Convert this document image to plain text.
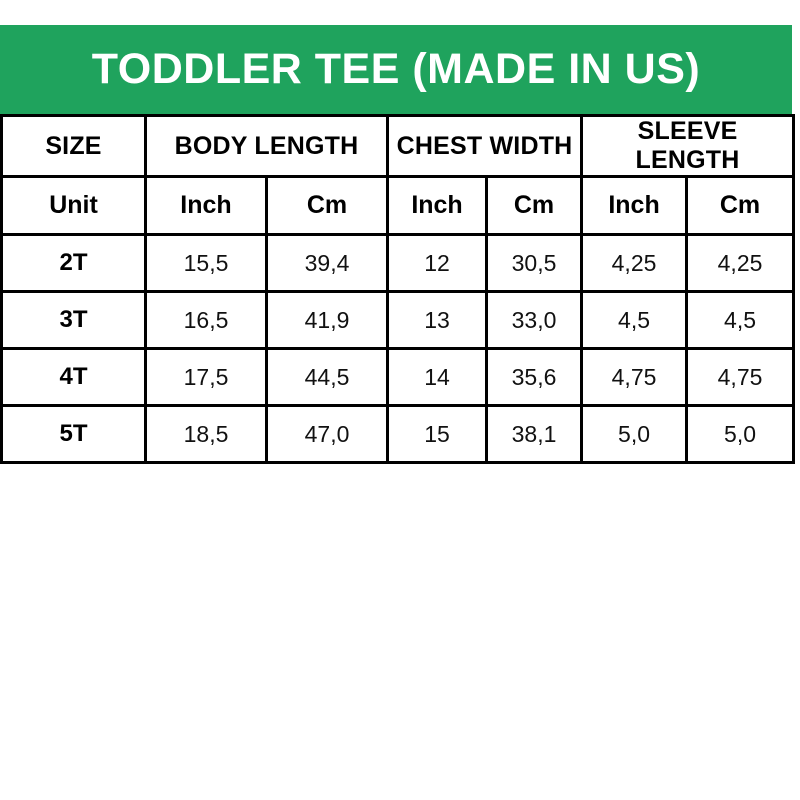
TODDLER TEE (MADE IN US)
SIZE	BODY LENGTH		CHEST WIDTH		SLEEVE LENGTH	
Unit	Inch	Cm	Inch	Cm	Inch	Cm
2T	15,5	39,4	12	30,5	4,25	4,25
3T	16,5	41,9	13	33,0	4,5	4,5
4T	17,5	44,5	14	35,6	4,75	4,75
5T	18,5	47,0	15	38,1	5,0	5,0
